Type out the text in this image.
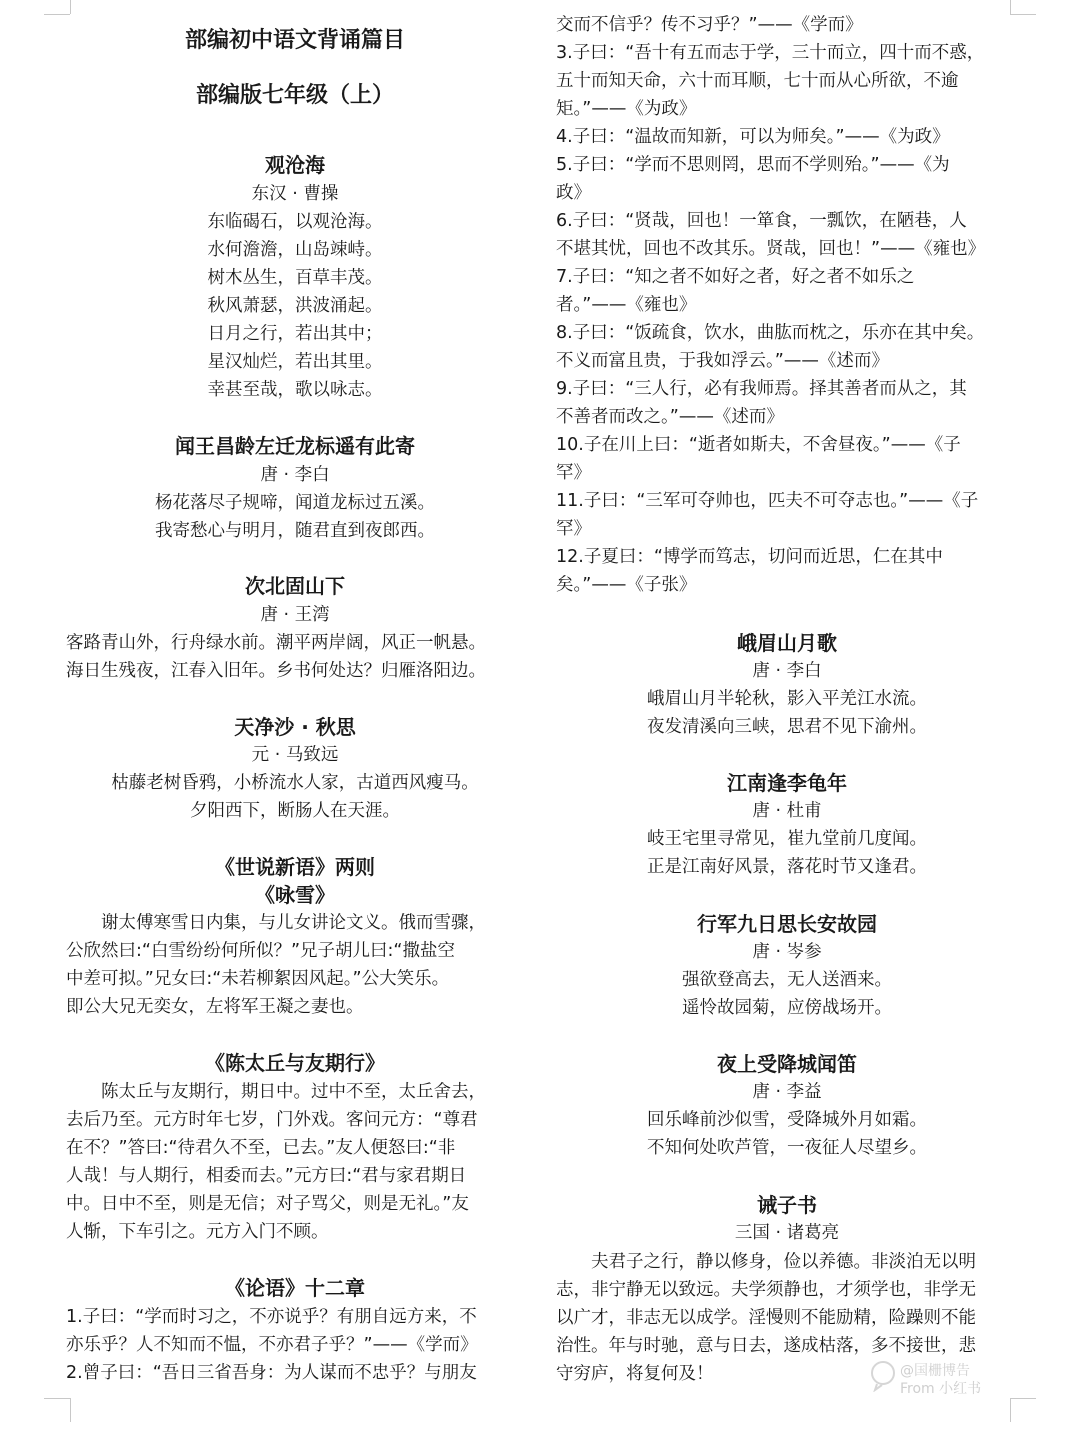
部编初中语文背诵篇目
部编版七年级（上）
观沧海
东汉 · 曹操
东临碣石，以观沧海。
水何澹澹，山岛竦峙。
树木丛生，百草丰茂。
秋风萧瑟，洪波涌起。
日月之行，若出其中；
星汉灿烂，若出其里。
幸甚至哉，歌以咏志。
闻王昌龄左迁龙标遥有此寄
唐 · 李白
杨花落尽子规啼，闻道龙标过五溪。
我寄愁心与明月，随君直到夜郎西。
次北固山下
唐 · 王湾
客路青山外，行舟绿水前。潮平两岸阔，风正一帆悬。
海日生残夜，江春入旧年。乡书何处达？归雁洛阳边。
天净沙 · 秋思
元 · 马致远
枯藤老树昏鸦，小桥流水人家，古道西风瘦马。
夕阳西下，断肠人在天涯。
《世说新语》两则
《咏雪》
谢太傅寒雪日内集，与儿女讲论文义。俄而雪骤，
公欣然曰:“白雪纷纷何所似？”兄子胡儿曰:“撒盐空
中差可拟。”兄女曰:“未若柳絮因风起。”公大笑乐。
即公大兄无奕女，左将军王凝之妻也。
《陈太丘与友期行》
陈太丘与友期行，期日中。过中不至，太丘舍去，
去后乃至。元方时年七岁，门外戏。客问元方：“尊君
在不？”答曰:“待君久不至，已去。”友人便怒曰:“非
人哉！与人期行，相委而去。”元方曰:“君与家君期日
中。日中不至，则是无信；对子骂父，则是无礼。”友
人惭，下车引之。元方入门不顾。
《论语》十二章
1.子曰：“学而时习之，不亦说乎？有朋自远方来，不
亦乐乎？人不知而不愠，不亦君子乎？”——《学而》
2.曾子曰：“吾日三省吾身：为人谋而不忠乎？与朋友
交而不信乎？传不习乎？”——《学而》
3.子曰：“吾十有五而志于学，三十而立，四十而不惑，
五十而知天命，六十而耳顺，七十而从心所欲，不逾
矩。”——《为政》
4.子曰：“温故而知新，可以为师矣。”——《为政》
5.子曰：“学而不思则罔，思而不学则殆。”——《为
政》
6.子曰：“贤哉，回也！一箪食，一瓢饮，在陋巷，人
不堪其忧，回也不改其乐。贤哉，回也！”——《雍也》
7.子曰：“知之者不如好之者，好之者不如乐之
者。”——《雍也》
8.子曰：“饭疏食，饮水，曲肱而枕之，乐亦在其中矣。
不义而富且贵，于我如浮云。”——《述而》
9.子曰：“三人行，必有我师焉。择其善者而从之，其
不善者而改之。”——《述而》
10.子在川上曰：“逝者如斯夫，不舍昼夜。”——《子
罕》
11.子曰：“三军可夺帅也，匹夫不可夺志也。”——《子
罕》
12.子夏曰：“博学而笃志，切问而近思，仁在其中
矣。”——《子张》
峨眉山月歌
唐 · 李白
峨眉山月半轮秋，影入平羌江水流。
夜发清溪向三峡，思君不见下渝州。
江南逢李龟年
唐 · 杜甫
岐王宅里寻常见，崔九堂前几度闻。
正是江南好风景，落花时节又逢君。
行军九日思长安故园
唐 · 岑参
强欲登高去，无人送酒来。
遥怜故园菊，应傍战场开。
夜上受降城闻笛
唐 · 李益
回乐峰前沙似雪，受降城外月如霜。
不知何处吹芦管，一夜征人尽望乡。
诫子书
三国 · 诸葛亮
夫君子之行，静以修身，俭以养德。非淡泊无以明
志，非宁静无以致远。夫学须静也，才须学也，非学无
以广才，非志无以成学。淫慢则不能励精，险躁则不能
治性。年与时驰，意与日去，遂成枯落，多不接世，悲
守穷庐，将复何及！	@国栅博告
From 小红书
